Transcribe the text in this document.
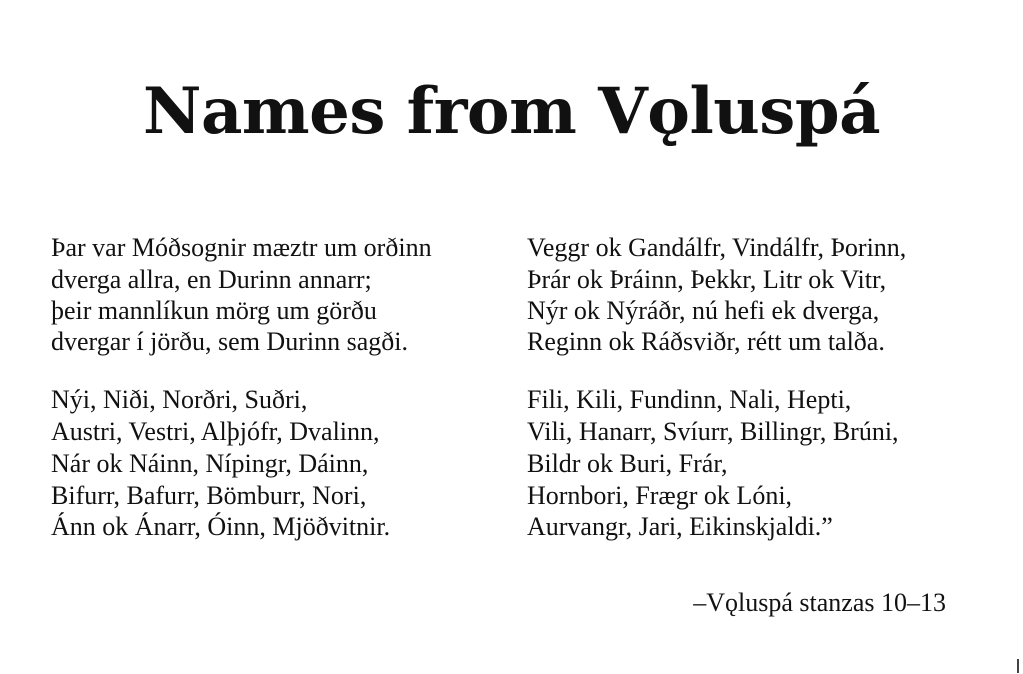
Names from Vǫluspá
Þar var Móðsognir mæztr um orðinn
dverga allra, en Durinn annarr;
þeir mannlíkun mörg um görðu
dvergar í jörðu, sem Durinn sagði.
Nýi, Niði, Norðri, Suðri,
Austri, Vestri, Alþjófr, Dvalinn,
Nár ok Náinn, Nípingr, Dáinn,
Bifurr, Bafurr, Bömburr, Nori,
Ánn ok Ánarr, Óinn, Mjöðvitnir.
Veggr ok Gandálfr, Vindálfr, Þorinn,
Þrár ok Þráinn, Þekkr, Litr ok Vitr,
Nýr ok Nýráðr, nú hefi ek dverga,
Reginn ok Ráðsviðr, rétt um talða.
Fili, Kili, Fundinn, Nali, Hepti,
Vili, Hanarr, Svíurr, Billingr, Brúni,
Bildr ok Buri, Frár,
Hornbori, Frægr ok Lóni,
Aurvangr, Jari, Eikinskjaldi.”
–Vǫluspá stanzas 10–13
